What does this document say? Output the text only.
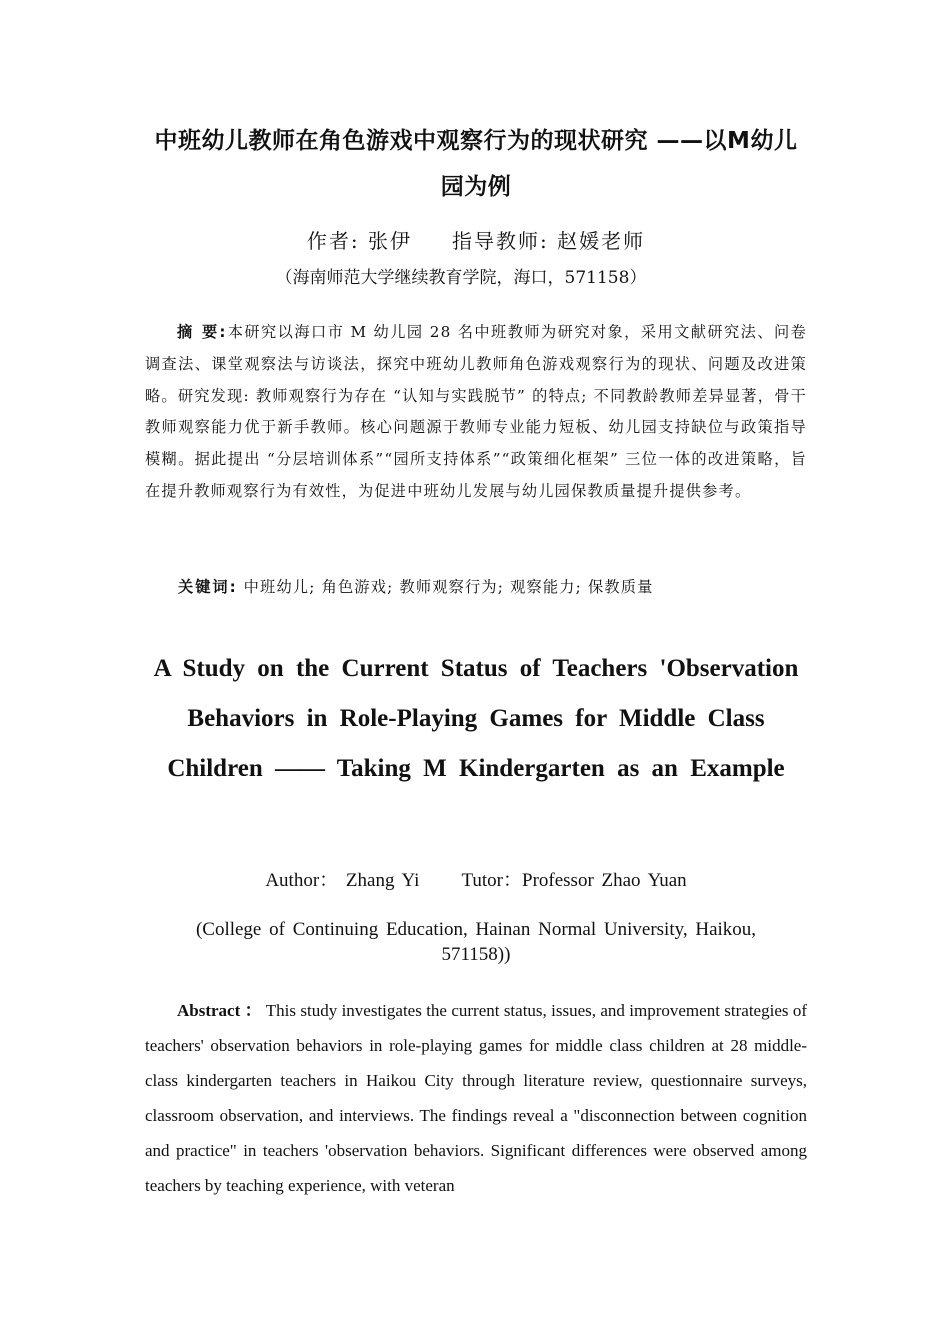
中班幼儿教师在角色游戏中观察行为的现状研究 ——以M幼儿园为例
作者: 张伊 指导教师: 赵媛老师
（海南师范大学继续教育学院，海口，571158）

摘 要:本研究以海口市 M 幼儿园 28 名中班教师为研究对象，采用文献研究法、问卷调查法、课堂观察法与访谈法，探究中班幼儿教师角色游戏观察行为的现状、问题及改进策略。研究发现: 教师观察行为存在 “认知与实践脱节” 的特点; 不同教龄教师差异显著，骨干教师观察能力优于新手教师。核心问题源于教师专业能力短板、幼儿园支持缺位与政策指导模糊。据此提出 “分层培训体系”“园所支持体系”“政策细化框架” 三位一体的改进策略，旨在提升教师观察行为有效性，为促进中班幼儿发展与幼儿园保教质量提升提供参考。

关键词: 中班幼儿; 角色游戏; 教师观察行为; 观察能力; 保教质量
A Study on the Current Status of Teachers 'Observation Behaviors in Role-Playing Games for Middle Class Children —— Taking M Kindergarten as an Example
Author： Zhang Yi Tutor：Professor Zhao Yuan
(College of Continuing Education, Hainan Normal University, Haikou, 571158))

Abstract ： This study investigates the current status, issues, and improvement strategies of teachers' observation behaviors in role-playing games for middle class children at 28 middle-class kindergarten teachers in Haikou City through literature review, questionnaire surveys, classroom observation, and interviews. The findings reveal a "disconnection between cognition and practice" in teachers 'observation behaviors. Significant differences were observed among teachers by teaching experience, with veteran
